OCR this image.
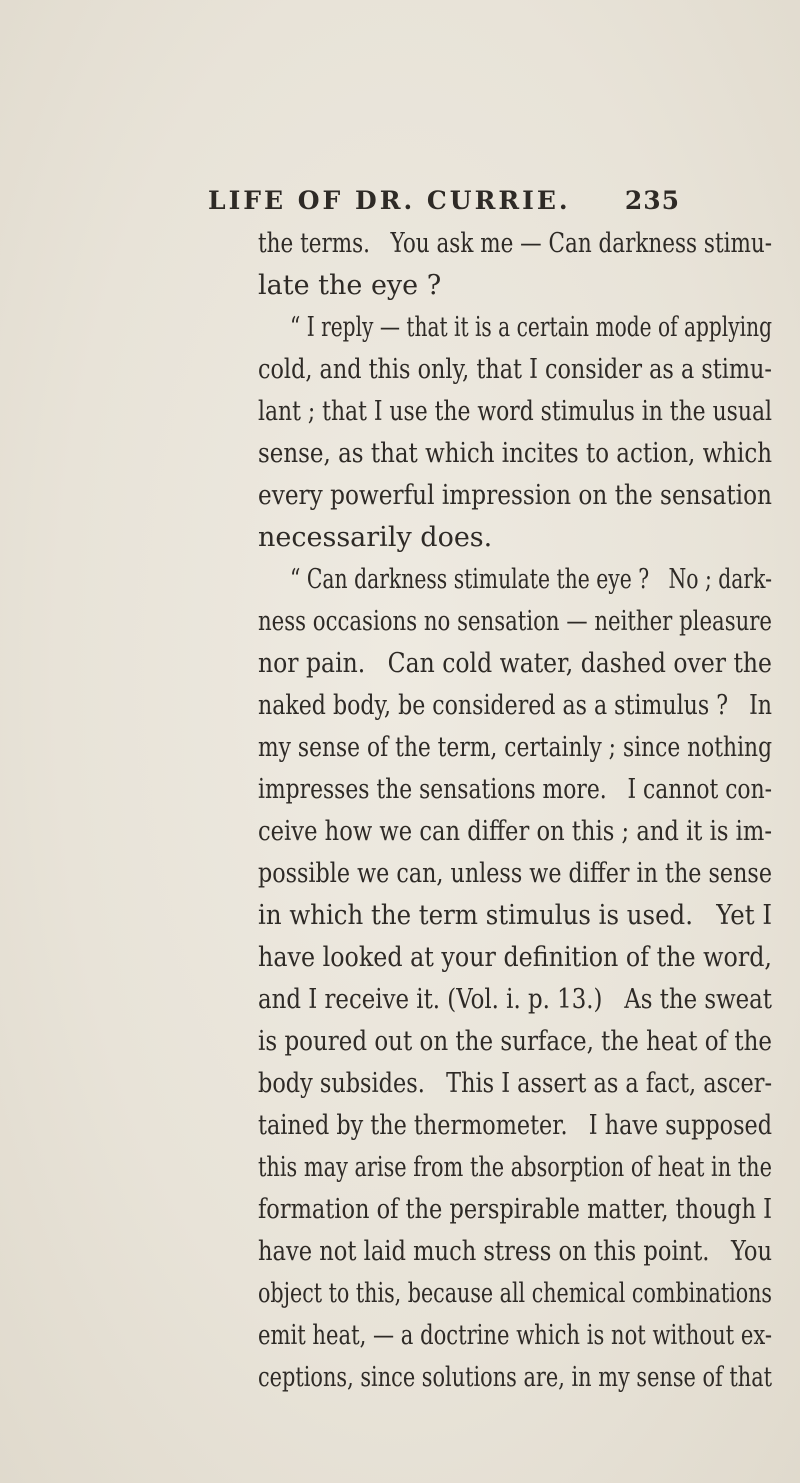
LIFE OF DR. CURRIE. 235
the terms.   You ask me — Can darkness stimu-
late the eye ?
“ I reply — that it is a certain mode of applying
cold, and this only, that I consider as a stimu-
lant ; that I use the word stimulus in the usual
sense, as that which incites to action, which
every powerful impression on the sensation
necessarily does.
“ Can darkness stimulate the eye ?   No ; dark-
ness occasions no sensation — neither pleasure
nor pain.   Can cold water, dashed over the
naked body, be considered as a stimulus ?   In
my sense of the term, certainly ; since nothing
impresses the sensations more.   I cannot con-
ceive how we can differ on this ; and it is im-
possible we can, unless we differ in the sense
in which the term stimulus is used.   Yet I
have looked at your definition of the word,
and I receive it. (Vol. i. p. 13.)   As the sweat
is poured out on the surface, the heat of the
body subsides.   This I assert as a fact, ascer-
tained by the thermometer.   I have supposed
this may arise from the absorption of heat in the
formation of the perspirable matter, though I
have not laid much stress on this point.   You
object to this, because all chemical combinations
emit heat, — a doctrine which is not without ex-
ceptions, since solutions are, in my sense of that
